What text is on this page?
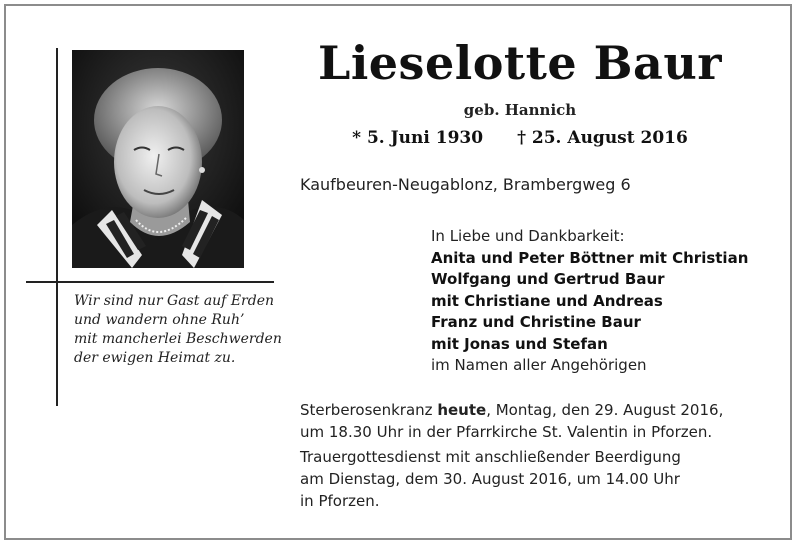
Wir sind nur Gast auf Erden
und wandern ohne Ruh’
mit mancherlei Beschwerden
der ewigen Heimat zu.
Lieselotte Baur
geb. Hannich
* 5. Juni 1930 † 25. August 2016
Kaufbeuren-Neugablonz, Brambergweg 6
In Liebe und Dankbarkeit:
Anita und Peter Böttner mit Christian
Wolfgang und Gertrud Baur
mit Christiane und Andreas
Franz und Christine Baur
mit Jonas und Stefan
im Namen aller Angehörigen
Sterberosenkranz heute, Montag, den 29. August 2016,
um 18.30 Uhr in der Pfarrkirche St. Valentin in Pforzen.
Trauergottesdienst mit anschließender Beerdigung
am Dienstag, dem 30. August 2016, um 14.00 Uhr
in Pforzen.
